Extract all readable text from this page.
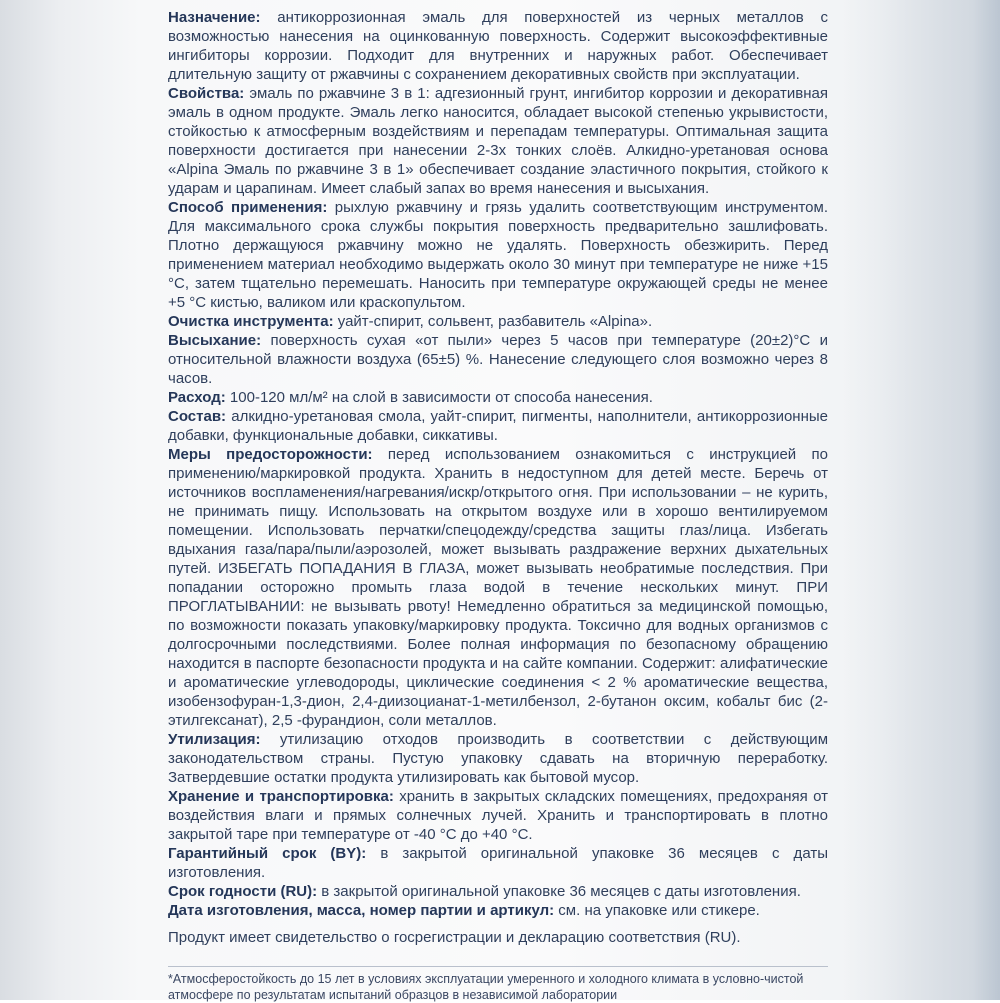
Назначение: антикоррозионная эмаль для поверхностей из черных металлов с возможностью нанесения на оцинкованную поверхность. Содержит высокоэффективные ингибиторы коррозии. Подходит для внутренних и наружных работ. Обеспечивает длительную защиту от ржавчины с сохранением декоративных свойств при эксплуатации.

Свойства: эмаль по ржавчине 3 в 1: адгезионный грунт, ингибитор коррозии и декоративная эмаль в одном продукте. Эмаль легко наносится, обладает высокой степенью укрывистости, стойкостью к атмосферным воздействиям и перепадам температуры. Оптимальная защита поверхности достигается при нанесении 2-3х тонких слоёв. Алкидно-уретановая основа «Alpina Эмаль по ржавчине 3 в 1» обеспечивает создание эластичного покрытия, стойкого к ударам и царапинам. Имеет слабый запах во время нанесения и высыхания.

Способ применения: рыхлую ржавчину и грязь удалить соответствующим инструментом. Для максимального срока службы покрытия поверхность предварительно зашлифовать. Плотно держащуюся ржавчину можно не удалять. Поверхность обезжирить. Перед применением материал необходимо выдержать около 30 минут при температуре не ниже +15 °С, затем тщательно перемешать. Наносить при температуре окружающей среды не менее +5 °С кистью, валиком или краскопультом.

Очистка инструмента: уайт-спирит, сольвент, разбавитель «Alpina».

Высыхание: поверхность сухая «от пыли» через 5 часов при температуре (20±2)°С и относительной влажности воздуха (65±5) %. Нанесение следующего слоя возможно через 8 часов.

Расход: 100-120 мл/м² на слой в зависимости от способа нанесения.

Состав: алкидно-уретановая смола, уайт-спирит, пигменты, наполнители, антикоррозионные добавки, функциональные добавки, сиккативы.

Меры предосторожности: перед использованием ознакомиться с инструкцией по применению/маркировкой продукта. Хранить в недоступном для детей месте. Беречь от источников воспламенения/нагревания/искр/открытого огня. При использовании – не курить, не принимать пищу. Использовать на открытом воздухе или в хорошо вентилируемом помещении. Использовать перчатки/спецодежду/средства защиты глаз/лица. Избегать вдыхания газа/пара/пыли/аэрозолей, может вызывать раздражение верхних дыхательных путей. ИЗБЕГАТЬ ПОПАДАНИЯ В ГЛАЗА, может вызывать необратимые последствия. При попадании осторожно промыть глаза водой в течение нескольких минут. ПРИ ПРОГЛАТЫВАНИИ: не вызывать рвоту! Немедленно обратиться за медицинской помощью, по возможности показать упаковку/маркировку продукта. Токсично для водных организмов с долгосрочными последствиями. Более полная информация по безопасному обращению находится в паспорте безопасности продукта и на сайте компании. Содержит: алифатические и ароматические углеводороды, циклические соединения < 2 % ароматические вещества, изобензофуран-1,3-дион, 2,4-диизоцианат-1-метилбензол, 2-бутанон оксим, кобальт бис (2-этилгексанат), 2,5 -фурандион, соли металлов.

Утилизация: утилизацию отходов производить в соответствии с действующим законодательством страны. Пустую упаковку сдавать на вторичную переработку. Затвердевшие остатки продукта утилизировать как бытовой мусор.

Хранение и транспортировка: хранить в закрытых складских помещениях, предохраняя от воздействия влаги и прямых солнечных лучей. Хранить и транспортировать в плотно закрытой таре при температуре от -40 °С до +40 °С.

Гарантийный срок (BY): в закрытой оригинальной упаковке 36 месяцев с даты изготовления.

Срок годности (RU): в закрытой оригинальной упаковке 36 месяцев с даты изготовления.

Дата изготовления, масса, номер партии и артикул: см. на упаковке или стикере.

Продукт имеет свидетельство о госрегистрации и декларацию соответствия (RU).

*Атмосферостойкость до 15 лет в условиях эксплуатации умеренного и холодного климата в условно-чистой атмосфере по результатам испытаний образцов в независимой лаборатории
